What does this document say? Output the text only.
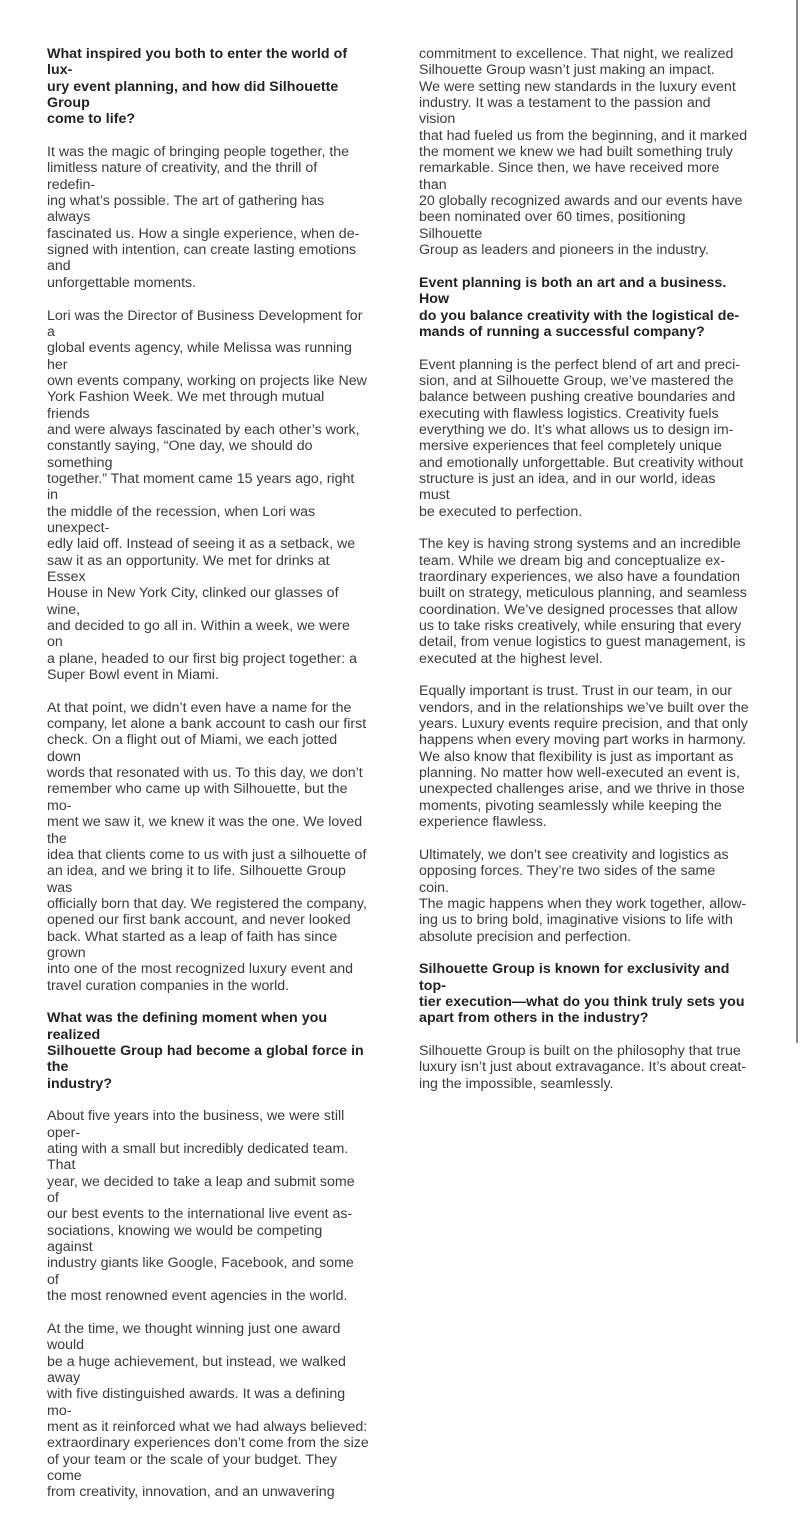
What inspired you both to enter the world of lux-
ury event planning, and how did Silhouette Group
come to life?

It was the magic of bringing people together, the
limitless nature of creativity, and the thrill of redefin-
ing what’s possible. The art of gathering has always
fascinated us. How a single experience, when de-
signed with intention, can create lasting emotions and
unforgettable moments.

Lori was the Director of Business Development for a
global events agency, while Melissa was running her
own events company, working on projects like New
York Fashion Week. We met through mutual friends
and were always fascinated by each other’s work,
constantly saying, “One day, we should do something
together.” That moment came 15 years ago, right in
the middle of the recession, when Lori was unexpect-
edly laid off. Instead of seeing it as a setback, we
saw it as an opportunity. We met for drinks at Essex
House in New York City, clinked our glasses of wine,
and decided to go all in. Within a week, we were on
a plane, headed to our first big project together: a
Super Bowl event in Miami.

At that point, we didn’t even have a name for the
company, let alone a bank account to cash our first
check. On a flight out of Miami, we each jotted down
words that resonated with us. To this day, we don’t
remember who came up with Silhouette, but the mo-
ment we saw it, we knew it was the one. We loved the
idea that clients come to us with just a silhouette of
an idea, and we bring it to life. Silhouette Group was
officially born that day. We registered the company,
opened our first bank account, and never looked
back. What started as a leap of faith has since grown
into one of the most recognized luxury event and
travel curation companies in the world.

What was the defining moment when you realized
Silhouette Group had become a global force in the
industry?

About five years into the business, we were still oper-
ating with a small but incredibly dedicated team. That
year, we decided to take a leap and submit some of
our best events to the international live event as-
sociations, knowing we would be competing against
industry giants like Google, Facebook, and some of
the most renowned event agencies in the world.

At the time, we thought winning just one award would
be a huge achievement, but instead, we walked away
with five distinguished awards. It was a defining mo-
ment as it reinforced what we had always believed:
extraordinary experiences don’t come from the size
of your team or the scale of your budget. They come
from creativity, innovation, and an unwavering

commitment to excellence. That night, we realized
Silhouette Group wasn’t just making an impact.
We were setting new standards in the luxury event
industry. It was a testament to the passion and vision
that had fueled us from the beginning, and it marked
the moment we knew we had built something truly
remarkable. Since then, we have received more than
20 globally recognized awards and our events have
been nominated over 60 times, positioning Silhouette
Group as leaders and pioneers in the industry.

Event planning is both an art and a business. How
do you balance creativity with the logistical de-
mands of running a successful company?

Event planning is the perfect blend of art and preci-
sion, and at Silhouette Group, we’ve mastered the
balance between pushing creative boundaries and
executing with flawless logistics. Creativity fuels
everything we do. It’s what allows us to design im-
mersive experiences that feel completely unique
and emotionally unforgettable. But creativity without
structure is just an idea, and in our world, ideas must
be executed to perfection.

The key is having strong systems and an incredible
team. While we dream big and conceptualize ex-
traordinary experiences, we also have a foundation
built on strategy, meticulous planning, and seamless
coordination. We’ve designed processes that allow
us to take risks creatively, while ensuring that every
detail, from venue logistics to guest management, is
executed at the highest level.

Equally important is trust. Trust in our team, in our
vendors, and in the relationships we’ve built over the
years. Luxury events require precision, and that only
happens when every moving part works in harmony.
We also know that flexibility is just as important as
planning. No matter how well-executed an event is,
unexpected challenges arise, and we thrive in those
moments, pivoting seamlessly while keeping the
experience flawless.

Ultimately, we don’t see creativity and logistics as
opposing forces. They’re two sides of the same coin.
The magic happens when they work together, allow-
ing us to bring bold, imaginative visions to life with
absolute precision and perfection.

Silhouette Group is known for exclusivity and top-
tier execution—what do you think truly sets you
apart from others in the industry?

Silhouette Group is built on the philosophy that true
luxury isn’t just about extravagance. It’s about creat-
ing the impossible, seamlessly.
